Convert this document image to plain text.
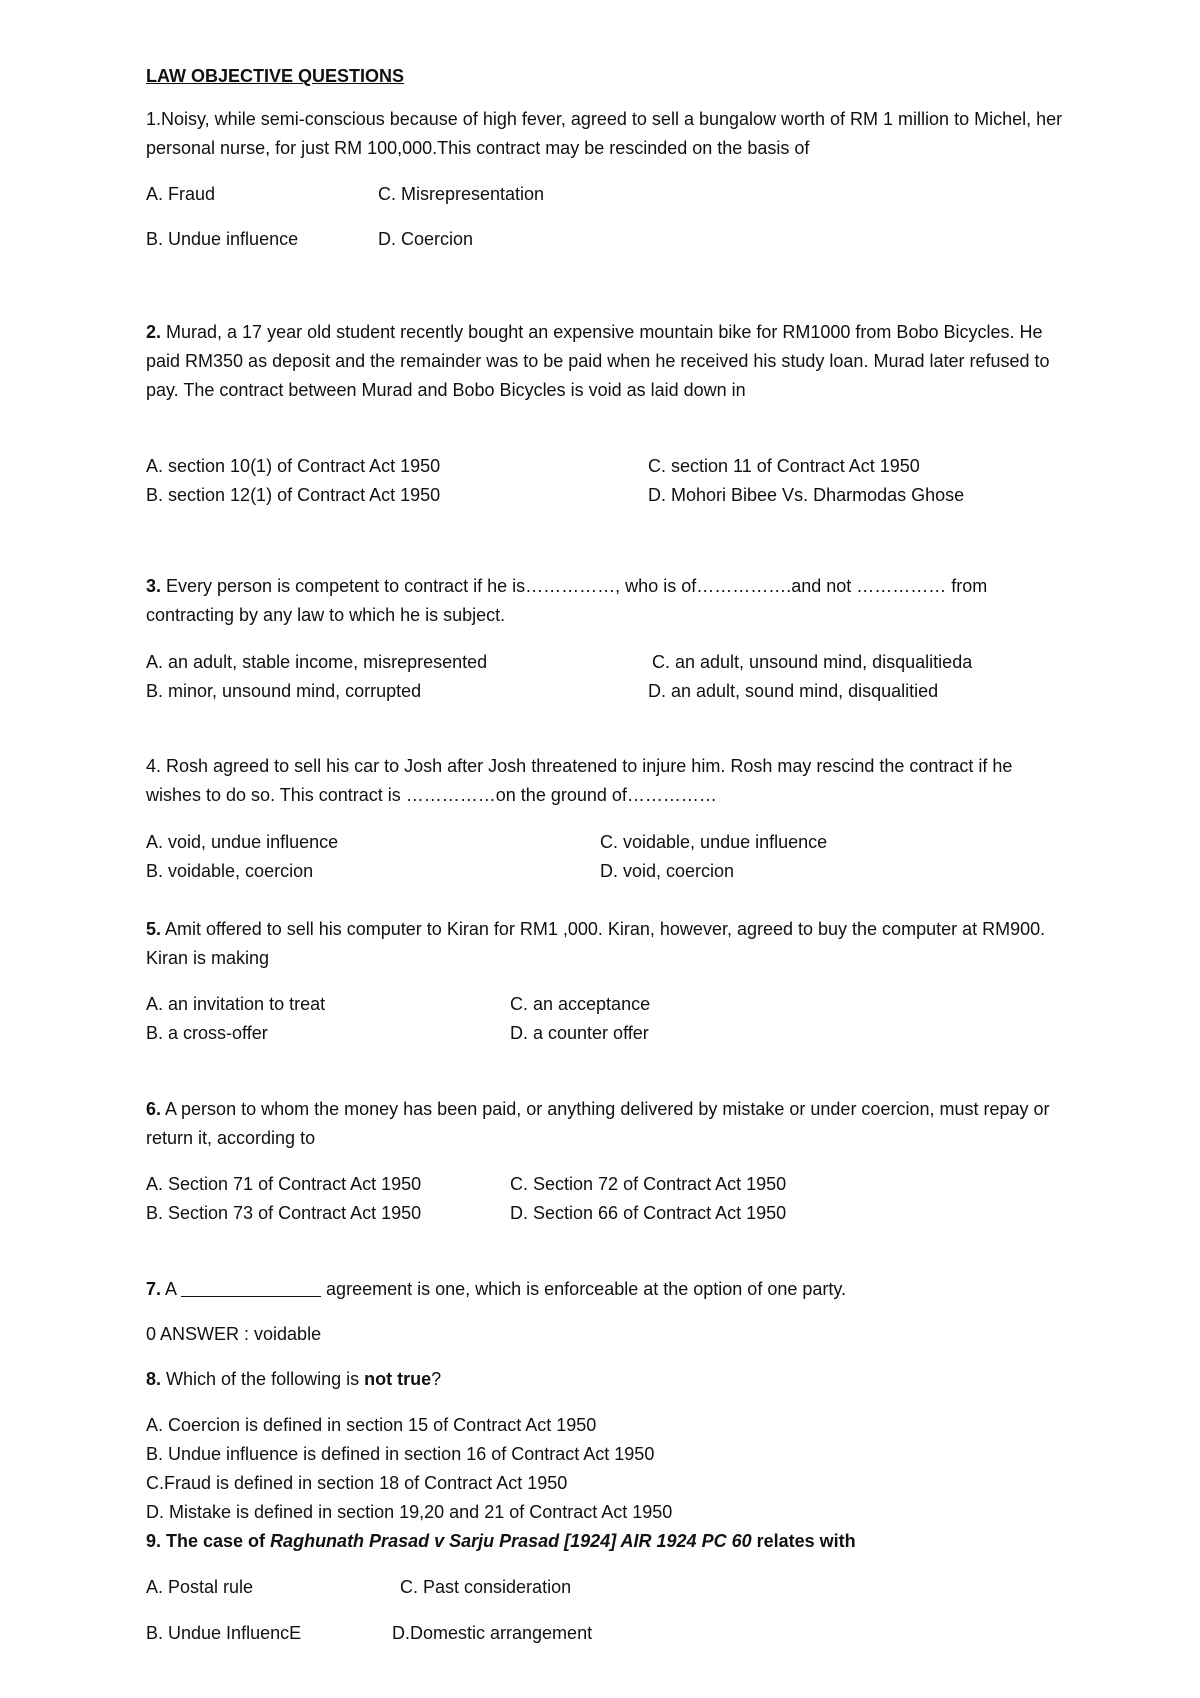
LAW OBJECTIVE QUESTIONS
1.Noisy, while semi-conscious because of high fever, agreed to sell a bungalow worth of RM 1 million to Michel, her personal nurse, for just RM 100,000.This contract may be rescinded on the basis of
A. Fraud	C. Misrepresentation
B. Undue influence	D. Coercion
2. Murad, a 17 year old student recently bought an expensive mountain bike for RM1000 from Bobo Bicycles. He paid RM350 as deposit and the remainder was to be paid when he received his study loan. Murad later refused to pay. The contract between Murad and Bobo Bicycles is void as laid down in
A. section 10(1) of Contract Act 1950	C. section 11 of Contract Act 1950
B. section 12(1) of Contract Act 1950	D. Mohori Bibee Vs. Dharmodas Ghose
3. Every person is competent to contract if he is……………, who is of…………….and not …………… from contracting by any law to which he is subject.
A. an adult, stable income, misrepresented	C. an adult, unsound mind, disqualitieda
B. minor, unsound mind, corrupted	D. an adult, sound mind, disqualitied
4. Rosh agreed to sell his car to Josh after Josh threatened to injure him. Rosh may rescind the contract if he wishes to do so. This contract is ……………on the ground of……………
A. void, undue influence	C. voidable, undue influence
B. voidable, coercion	D. void, coercion
5. Amit offered to sell his computer to Kiran for RM1 ,000. Kiran, however, agreed to buy the computer at RM900. Kiran is making
A. an invitation to treat	C. an acceptance
B. a cross-offer	D. a counter offer
6. A person to whom the money has been paid, or anything delivered by mistake or under coercion, must repay or return it, according to
A. Section 71 of Contract Act 1950	C. Section 72 of Contract Act 1950
B. Section 73 of Contract Act 1950	D. Section 66 of Contract Act 1950
7. A	agreement is one, which is enforceable at the option of one party.
0 ANSWER : voidable
8. Which of the following is not true?
A. Coercion is defined in section 15 of Contract Act 1950
B. Undue influence is defined in section 16 of Contract Act 1950
C.Fraud is defined in section 18 of Contract Act 1950
D. Mistake is defined in section 19,20 and 21 of Contract Act 1950
9. The case of Raghunath Prasad v Sarju Prasad [1924] AIR 1924 PC 60 relates with
A. Postal rule	C. Past consideration
B. Undue InfluencE	D.Domestic arrangement
